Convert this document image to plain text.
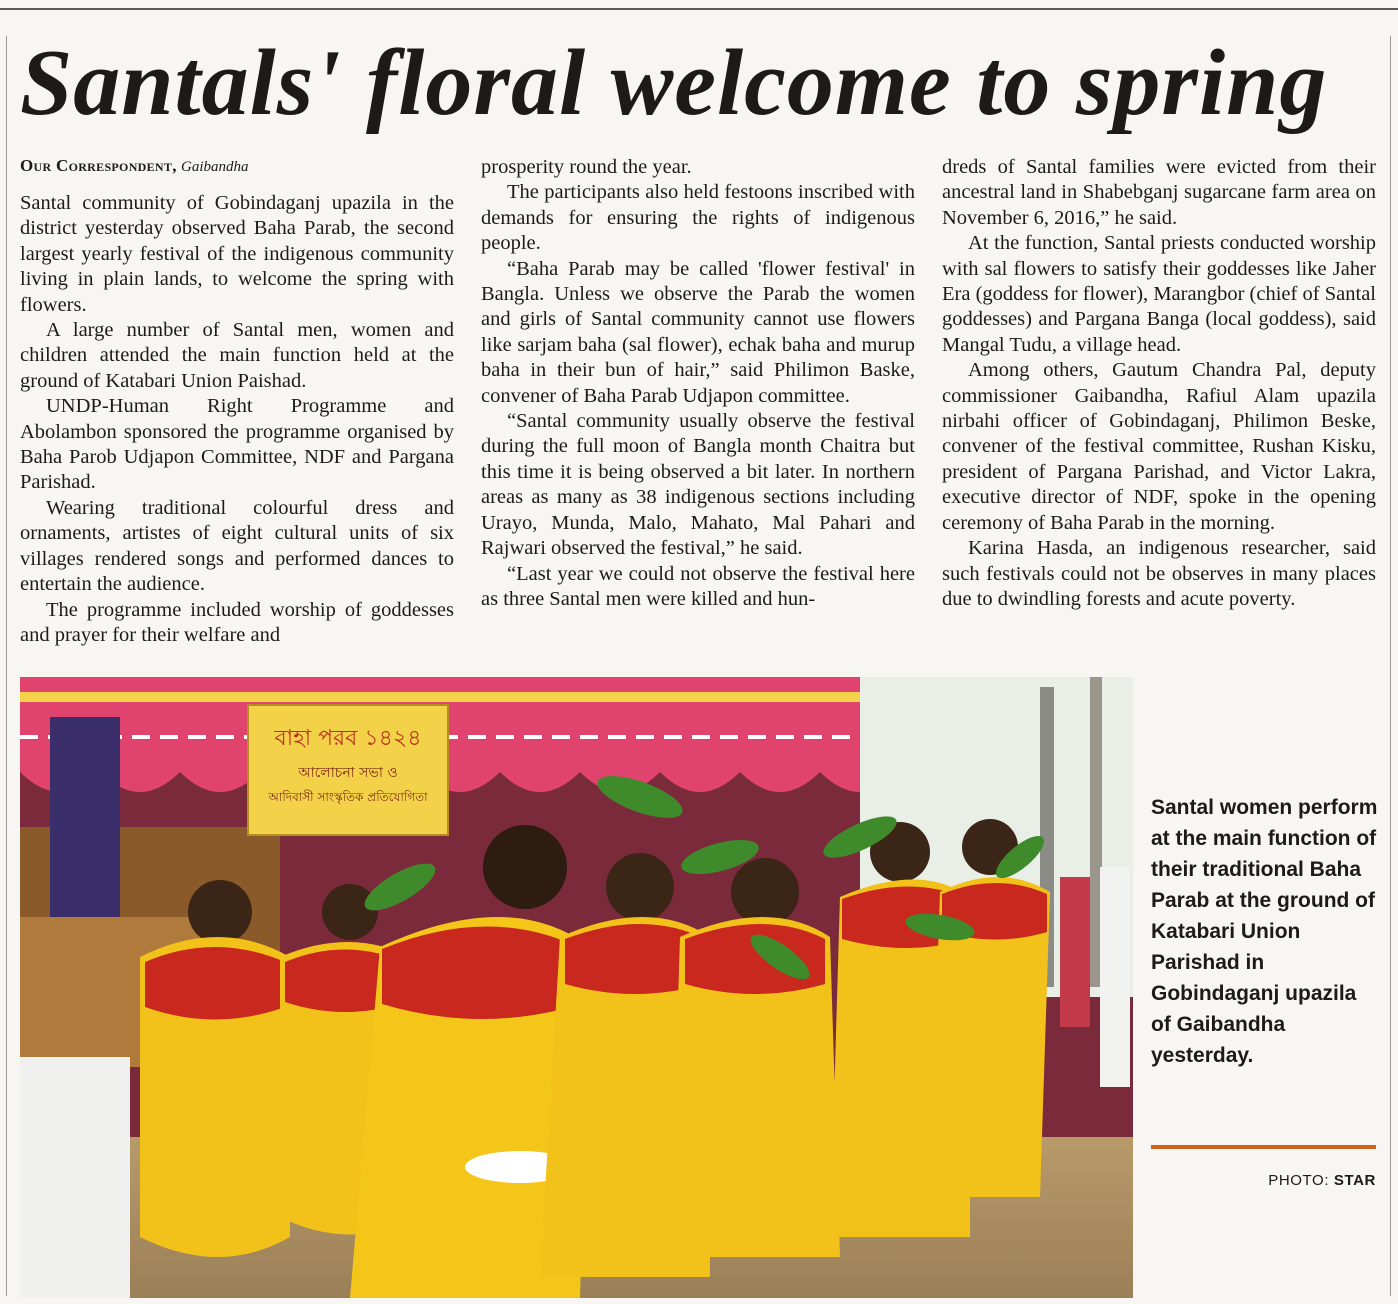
Santals' floral welcome to spring

Our Correspondent, Gaibandha

Santal community of Gobindaganj upazila in the district yesterday observed Baha Parab, the second largest yearly festival of the indigenous community living in plain lands, to welcome the spring with flowers.

A large number of Santal men, women and children attended the main function held at the ground of Katabari Union Paishad.

UNDP-Human Right Programme and Abolambon sponsored the programme organised by Baha Parob Udjapon Committee, NDF and Pargana Parishad.

Wearing traditional colourful dress and ornaments, artistes of eight cultural units of six villages rendered songs and performed dances to entertain the audience.

The programme included worship of goddesses and prayer for their welfare and

prosperity round the year.

The participants also held festoons inscribed with demands for ensuring the rights of indigenous people.

“Baha Parab may be called 'flower festival' in Bangla. Unless we observe the Parab the women and girls of Santal community cannot use flowers like sarjam baha (sal flower), echak baha and murup baha in their bun of hair,” said Philimon Baske, convener of Baha Parab Udjapon committee.

“Santal community usually observe the festival during the full moon of Bangla month Chaitra but this time it is being observed a bit later. In northern areas as many as 38 indigenous sections including Urayo, Munda, Malo, Mahato, Mal Pahari and Rajwari observed the festival,” he said.

“Last year we could not observe the festival here as three Santal men were killed and hun-

dreds of Santal families were evicted from their ancestral land in Shabebganj sugarcane farm area on November 6, 2016,” he said.

At the function, Santal priests conducted worship with sal flowers to satisfy their goddesses like Jaher Era (goddess for flower), Marangbor (chief of Santal goddesses) and Pargana Banga (local goddess), said Mangal Tudu, a village head.

Among others, Gautum Chandra Pal, deputy commissioner Gaibandha, Rafiul Alam upazila nirbahi officer of Gobindaganj, Philimon Beske, convener of the festival committee, Rushan Kisku, president of Pargana Parishad, and Victor Lakra, executive director of NDF, spoke in the opening ceremony of Baha Parab in the morning.

Karina Hasda, an indigenous researcher, said such festivals could not be observes in many places due to dwindling forests and acute poverty.

বাহা পরব ১৪২৪
আলোচনা সভা ও
আদিবাসী সাংস্কৃতিক প্রতিযোগিতা	Santal women perform at the main function of their traditional Baha Parab at the ground of Katabari Union Parishad in Gobindaganj upazila of Gaibandha yesterday.
PHOTO: STAR
